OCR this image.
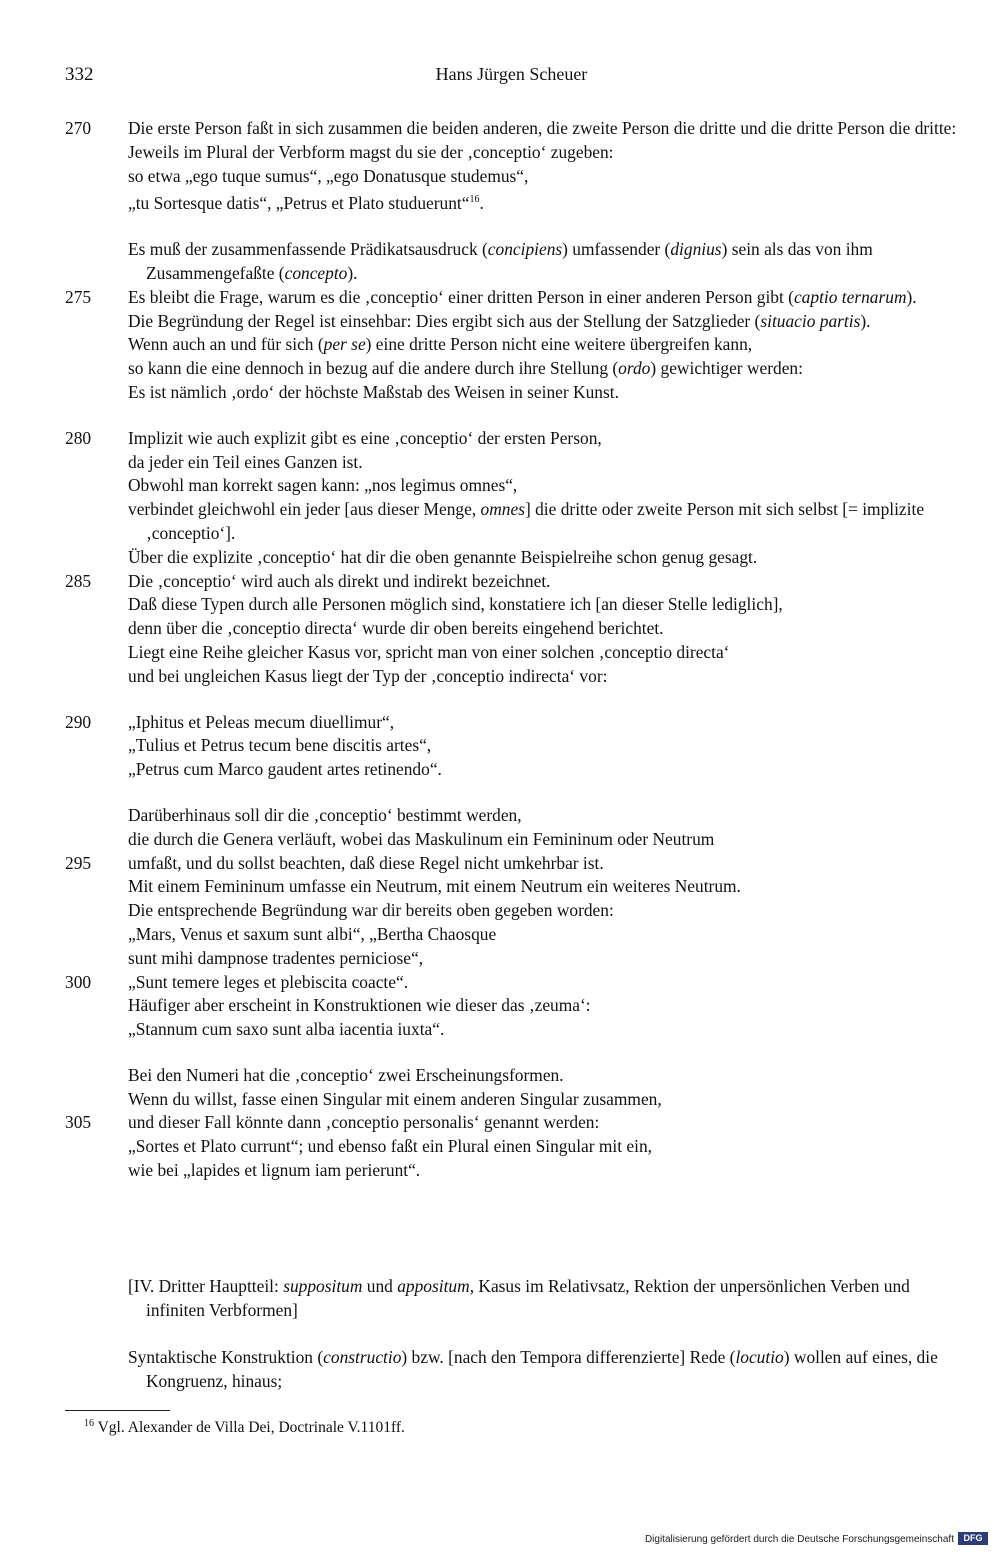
332	Hans Jürgen Scheuer
270 Die erste Person faßt in sich zusammen die beiden anderen, die zweite Person die dritte und die dritte Person die dritte:
Jeweils im Plural der Verbform magst du sie der ‚conceptio‘ zugeben:
so etwa „ego tuque sumus“, „ego Donatusque studemus“,
„tu Sortesque datis“, „Petrus et Plato studuerunt“$^{16}$.
Es muß der zusammenfassende Prädikatsausdruck (concipiens) umfassender (dignius) sein als das von ihm Zusammengefaßte (concepto).
275 Es bleibt die Frage, warum es die ‚conceptio‘ einer dritten Person in einer anderen Person gibt (captio ternarum).
Die Begründung der Regel ist einsehbar: Dies ergibt sich aus der Stellung der Satzglieder (situacio partis).
Wenn auch an und für sich (per se) eine dritte Person nicht eine weitere übergreifen kann,
so kann die eine dennoch in bezug auf die andere durch ihre Stellung (ordo) gewichtiger werden:
Es ist nämlich ‚ordo‘ der höchste Maßstab des Weisen in seiner Kunst.
280 Implizit wie auch explizit gibt es eine ‚conceptio‘ der ersten Person,
da jeder ein Teil eines Ganzen ist.
Obwohl man korrekt sagen kann: „nos legimus omnes“,
verbindet gleichwohl ein jeder [aus dieser Menge, omnes] die dritte oder zweite Person mit sich selbst [= implizite ‚conceptio‘].
Über die explizite ‚conceptio‘ hat dir die oben genannte Beispielreihe schon genug gesagt.
285 Die ‚conceptio‘ wird auch als direkt und indirekt bezeichnet.
Daß diese Typen durch alle Personen möglich sind, konstatiere ich [an dieser Stelle lediglich],
denn über die ‚conceptio directa‘ wurde dir oben bereits eingehend berichtet.
Liegt eine Reihe gleicher Kasus vor, spricht man von einer solchen ‚conceptio directa‘
und bei ungleichen Kasus liegt der Typ der ‚conceptio indirecta‘ vor:
290 „Iphitus et Peleas mecum diuellimur“,
„Tulius et Petrus tecum bene discitis artes“,
„Petrus cum Marco gaudent artes retinendo“.
Darüberhinaus soll dir die ‚conceptio‘ bestimmt werden,
die durch die Genera verläuft, wobei das Maskulinum ein Femininum oder Neutrum
295 umfaßt, und du sollst beachten, daß diese Regel nicht umkehrbar ist.
Mit einem Femininum umfasse ein Neutrum, mit einem Neutrum ein weiteres Neutrum.
Die entsprechende Begründung war dir bereits oben gegeben worden:
„Mars, Venus et saxum sunt albi“, „Bertha Chaosque
sunt mihi dampnose tradentes perniciose“,
300 „Sunt temere leges et plebiscita coacte“.
Häufiger aber erscheint in Konstruktionen wie dieser das ‚zeuma‘:
„Stannum cum saxo sunt alba iacentia iuxta“.
Bei den Numeri hat die ‚conceptio‘ zwei Erscheinungsformen.
Wenn du willst, fasse einen Singular mit einem anderen Singular zusammen,
305 und dieser Fall könnte dann ‚conceptio personalis‘ genannt werden:
„Sortes et Plato currunt“; und ebenso faßt ein Plural einen Singular mit ein,
wie bei „lapides et lignum iam perierunt“.
[IV. Dritter Hauptteil: suppositum und appositum, Kasus im Relativsatz, Rektion der unpersönlichen Verben und infiniten Verbformen]
Syntaktische Konstruktion (constructio) bzw. [nach den Tempora differenzierte] Rede (locutio) wollen auf eines, die Kongruenz, hinaus;
$^{16}$ Vgl. Alexander de Villa Dei, Doctrinale V.1101ff.
Digitalisierung gefördert durch die Deutsche Forschungsgemeinschaft	DFG
